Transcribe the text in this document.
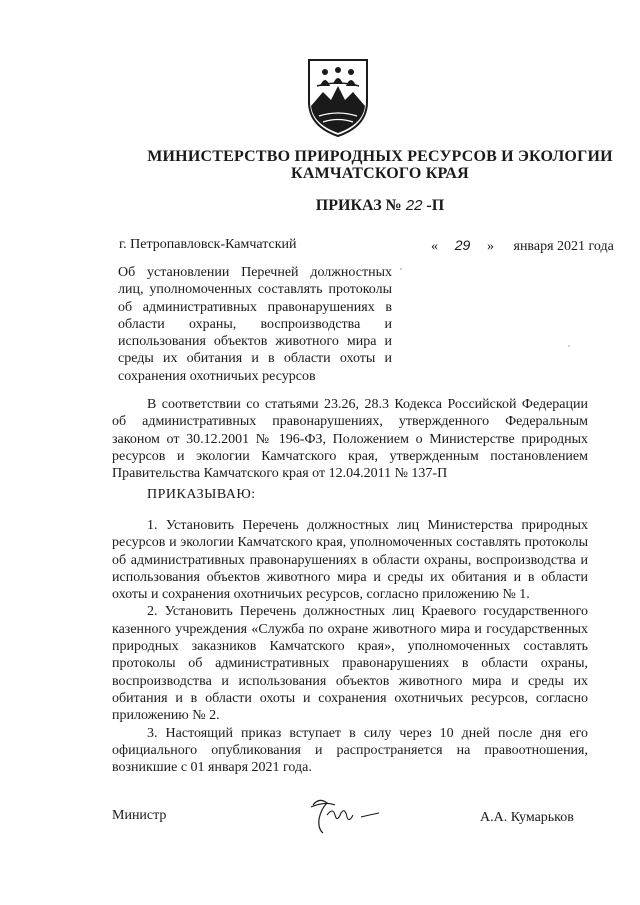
МИНИСТЕРСТВО ПРИРОДНЫХ РЕСУРСОВ И ЭКОЛОГИИ
КАМЧАТСКОГО КРАЯ
ПРИКАЗ № 22 -П
г. Петропавловск-Камчатский	« 29 » января 2021 года
Об установлении Перечней должностных лиц, уполномоченных составлять протоколы об административных правонарушениях в области охраны, воспроизводства и использования объектов животного мира и среды их обитания и в области охоты и сохранения охотничьих ресурсов
В соответствии со статьями 23.26, 28.3 Кодекса Российской Федерации об административных правонарушениях, утвержденного Федеральным законом от 30.12.2001 № 196-ФЗ, Положением о Министерстве природных ресурсов и экологии Камчатского края, утвержденным постановлением Правительства Камчатского края от 12.04.2011 № 137-П
ПРИКАЗЫВАЮ:

1. Установить Перечень должностных лиц Министерства природных ресурсов и экологии Камчатского края, уполномоченных составлять протоколы об административных правонарушениях в области охраны, воспроизводства и использования объектов животного мира и среды их обитания и в области охоты и сохранения охотничьих ресурсов, согласно приложению № 1.

2. Установить Перечень должностных лиц Краевого государственного казенного учреждения «Служба по охране животного мира и государственных природных заказников Камчатского края», уполномоченных составлять протоколы об административных правонарушениях в области охраны, воспроизводства и использования объектов животного мира и среды их обитания и в области охоты и сохранения охотничьих ресурсов, согласно приложению № 2.

3. Настоящий приказ вступает в силу через 10 дней после дня его официального опубликования и распространяется на правоотношения, возникшие с 01 января 2021 года.

Министр	А.А. Кумарьков
